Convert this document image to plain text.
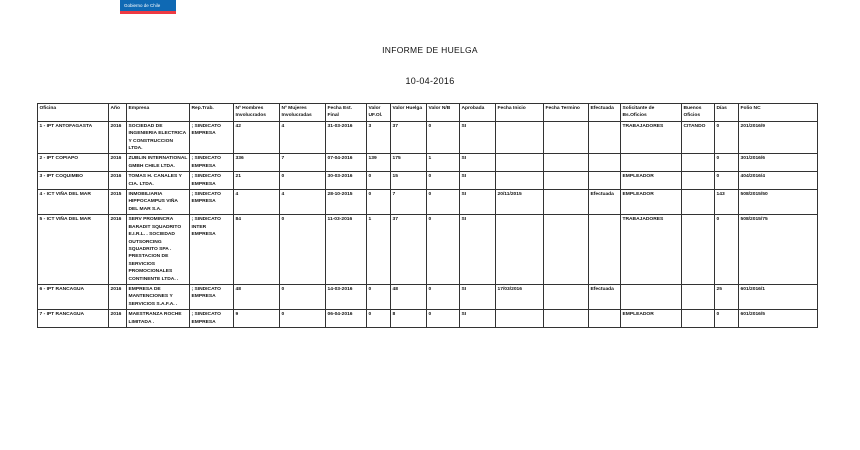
Gobierno de Chile
INFORME DE HUELGA
10-04-2016
Oficina	Año	Empresa	Rep.Trab.	Nº Hombres Involucrados	Nº Mujeres Involucradas	Fecha Est. Final	Valor UF.Ol.	Valor Huelga	Valor N/B	Aprobada	Fecha Inicio	Fecha Termino	Efectuada	Solicitante de Bs.Oficios	Buenos Oficios	Días	Folio NC
1 - IPT ANTOFAGASTA	2016	SOCIEDAD DE INGENIERIA ELECTRICA Y CONSTRUCCION LTDA.	; SINDICATO EMPRESA	42	4	31-03-2016	3	37	0	SI				TRABAJADORES	CITANDO	0	201/2016/9
2 - IPT COPIAPO	2016	ZUBLIN INTERNATIONAL GMBH CHILE LTDA.	; SINDICATO EMPRESA	336	7	07-04-2016	139	175	1	SI						0	301/2016/6
3 - IPT COQUIMBO	2016	TOMAS H. CANALES Y CIA. LTDA.	; SINDICATO EMPRESA	21	0	30-03-2016	0	15	0	SI				EMPLEADOR		0	404/2016/4
4 - ICT VIÑA DEL MAR	2015	INMOBILIARIA HIPPOCAMPUS VIÑA DEL MAR S.A.	; SINDICATO EMPRESA	4	4	28-10-2015	0	7	0	SI	20/11/2015		Efectuada	EMPLEADOR		143	508/2015/50
5 - ICT VIÑA DEL MAR	2016	SERV PROMINCRA BARADIT SQUADRITO E.I.R.L. . SOCIEDAD OUTSORCING SQUADRITO SPA . PRESTACION DE SERVICIOS PROMOCIONALES CONTINENTE LTDA. .	; SINDICATO INTER EMPRESA	84	0	11-03-2016	1	37	0	SI				TRABAJADORES		0	508/2015/75
6 - IPT RANCAGUA	2016	EMPRESA DE MANTENCIONES Y SERVICIOS S.A.F.A. .	; SINDICATO EMPRESA	48	0	14-03-2016	0	48	0	SI	17/03/2016		Efectuada			25	601/2016/1
7 - IPT RANCAGUA	2016	MAESTRANZA ROCHE LIMITADA .	; SINDICATO EMPRESA	9	0	06-04-2016	0	8	0	SI				EMPLEADOR		0	601/2016/5
